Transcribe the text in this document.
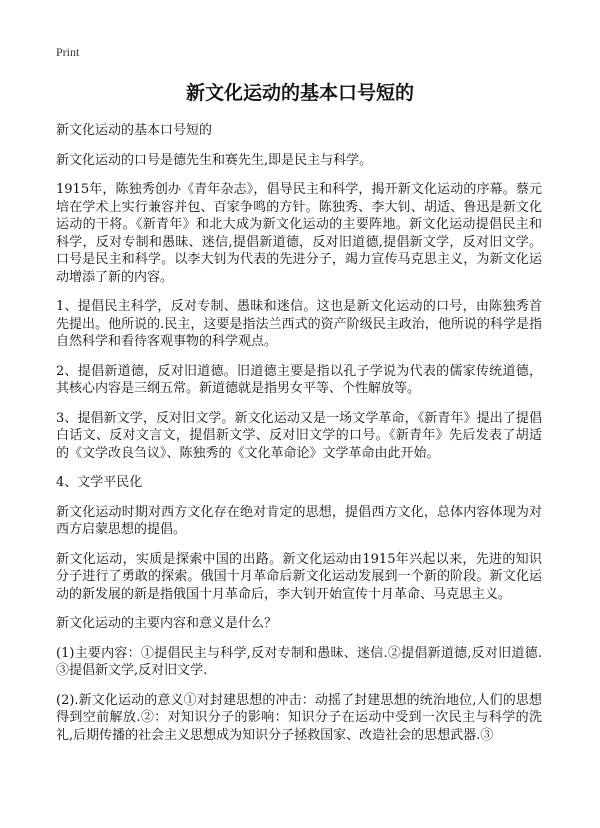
Print
新文化运动的基本口号短的

新文化运动的基本口号短的

新文化运动的口号是德先生和赛先生,即是民主与科学。

1915年，陈独秀创办《青年杂志》，倡导民主和科学，揭开新文化运动的序幕。蔡元培在学术上实行兼容并包、百家争鸣的方针。陈独秀、李大钊、胡适、鲁迅是新文化运动的干将。《新青年》和北大成为新文化运动的主要阵地。新文化运动提倡民主和科学，反对专制和愚昧、迷信,提倡新道德，反对旧道德,提倡新文学，反对旧文学。口号是民主和科学。以李大钊为代表的先进分子，竭力宣传马克思主义，为新文化运动增添了新的内容。

1、提倡民主科学，反对专制、愚昧和迷信。这也是新文化运动的口号，由陈独秀首先提出。他所说的.民主，这要是指法兰西式的资产阶级民主政治，他所说的科学是指自然科学和看待客观事物的科学观点。

2、提倡新道德，反对旧道德。旧道德主要是指以孔子学说为代表的儒家传统道德，其核心内容是三纲五常。新道德就是指男女平等、个性解放等。

3、提倡新文学，反对旧文学。新文化运动又是一场文学革命，《新青年》提出了提倡白话文、反对文言文，提倡新文学、反对旧文学的口号。《新青年》先后发表了胡适的《文学改良刍议》、陈独秀的《文化革命论》文学革命由此开始。

4、文学平民化

新文化运动时期对西方文化存在绝对肯定的思想，提倡西方文化，总体内容体现为对西方启蒙思想的提倡。

新文化运动，实质是探索中国的出路。新文化运动由1915年兴起以来，先进的知识分子进行了勇敢的探索。俄国十月革命后新文化运动发展到一个新的阶段。新文化运动的新发展的新是指俄国十月革命后，李大钊开始宣传十月革命、马克思主义。

新文化运动的主要内容和意义是什么？

(1)主要内容：①提倡民主与科学,反对专制和愚昧、迷信.②提倡新道德,反对旧道德.③提倡新文学,反对旧文学.

(2).新文化运动的意义①对封建思想的冲击：动摇了封建思想的统治地位,人们的思想得到空前解放.②：对知识分子的影响：知识分子在运动中受到一次民主与科学的洗礼,后期传播的社会主义思想成为知识分子拯救国家、改造社会的思想武器.③
